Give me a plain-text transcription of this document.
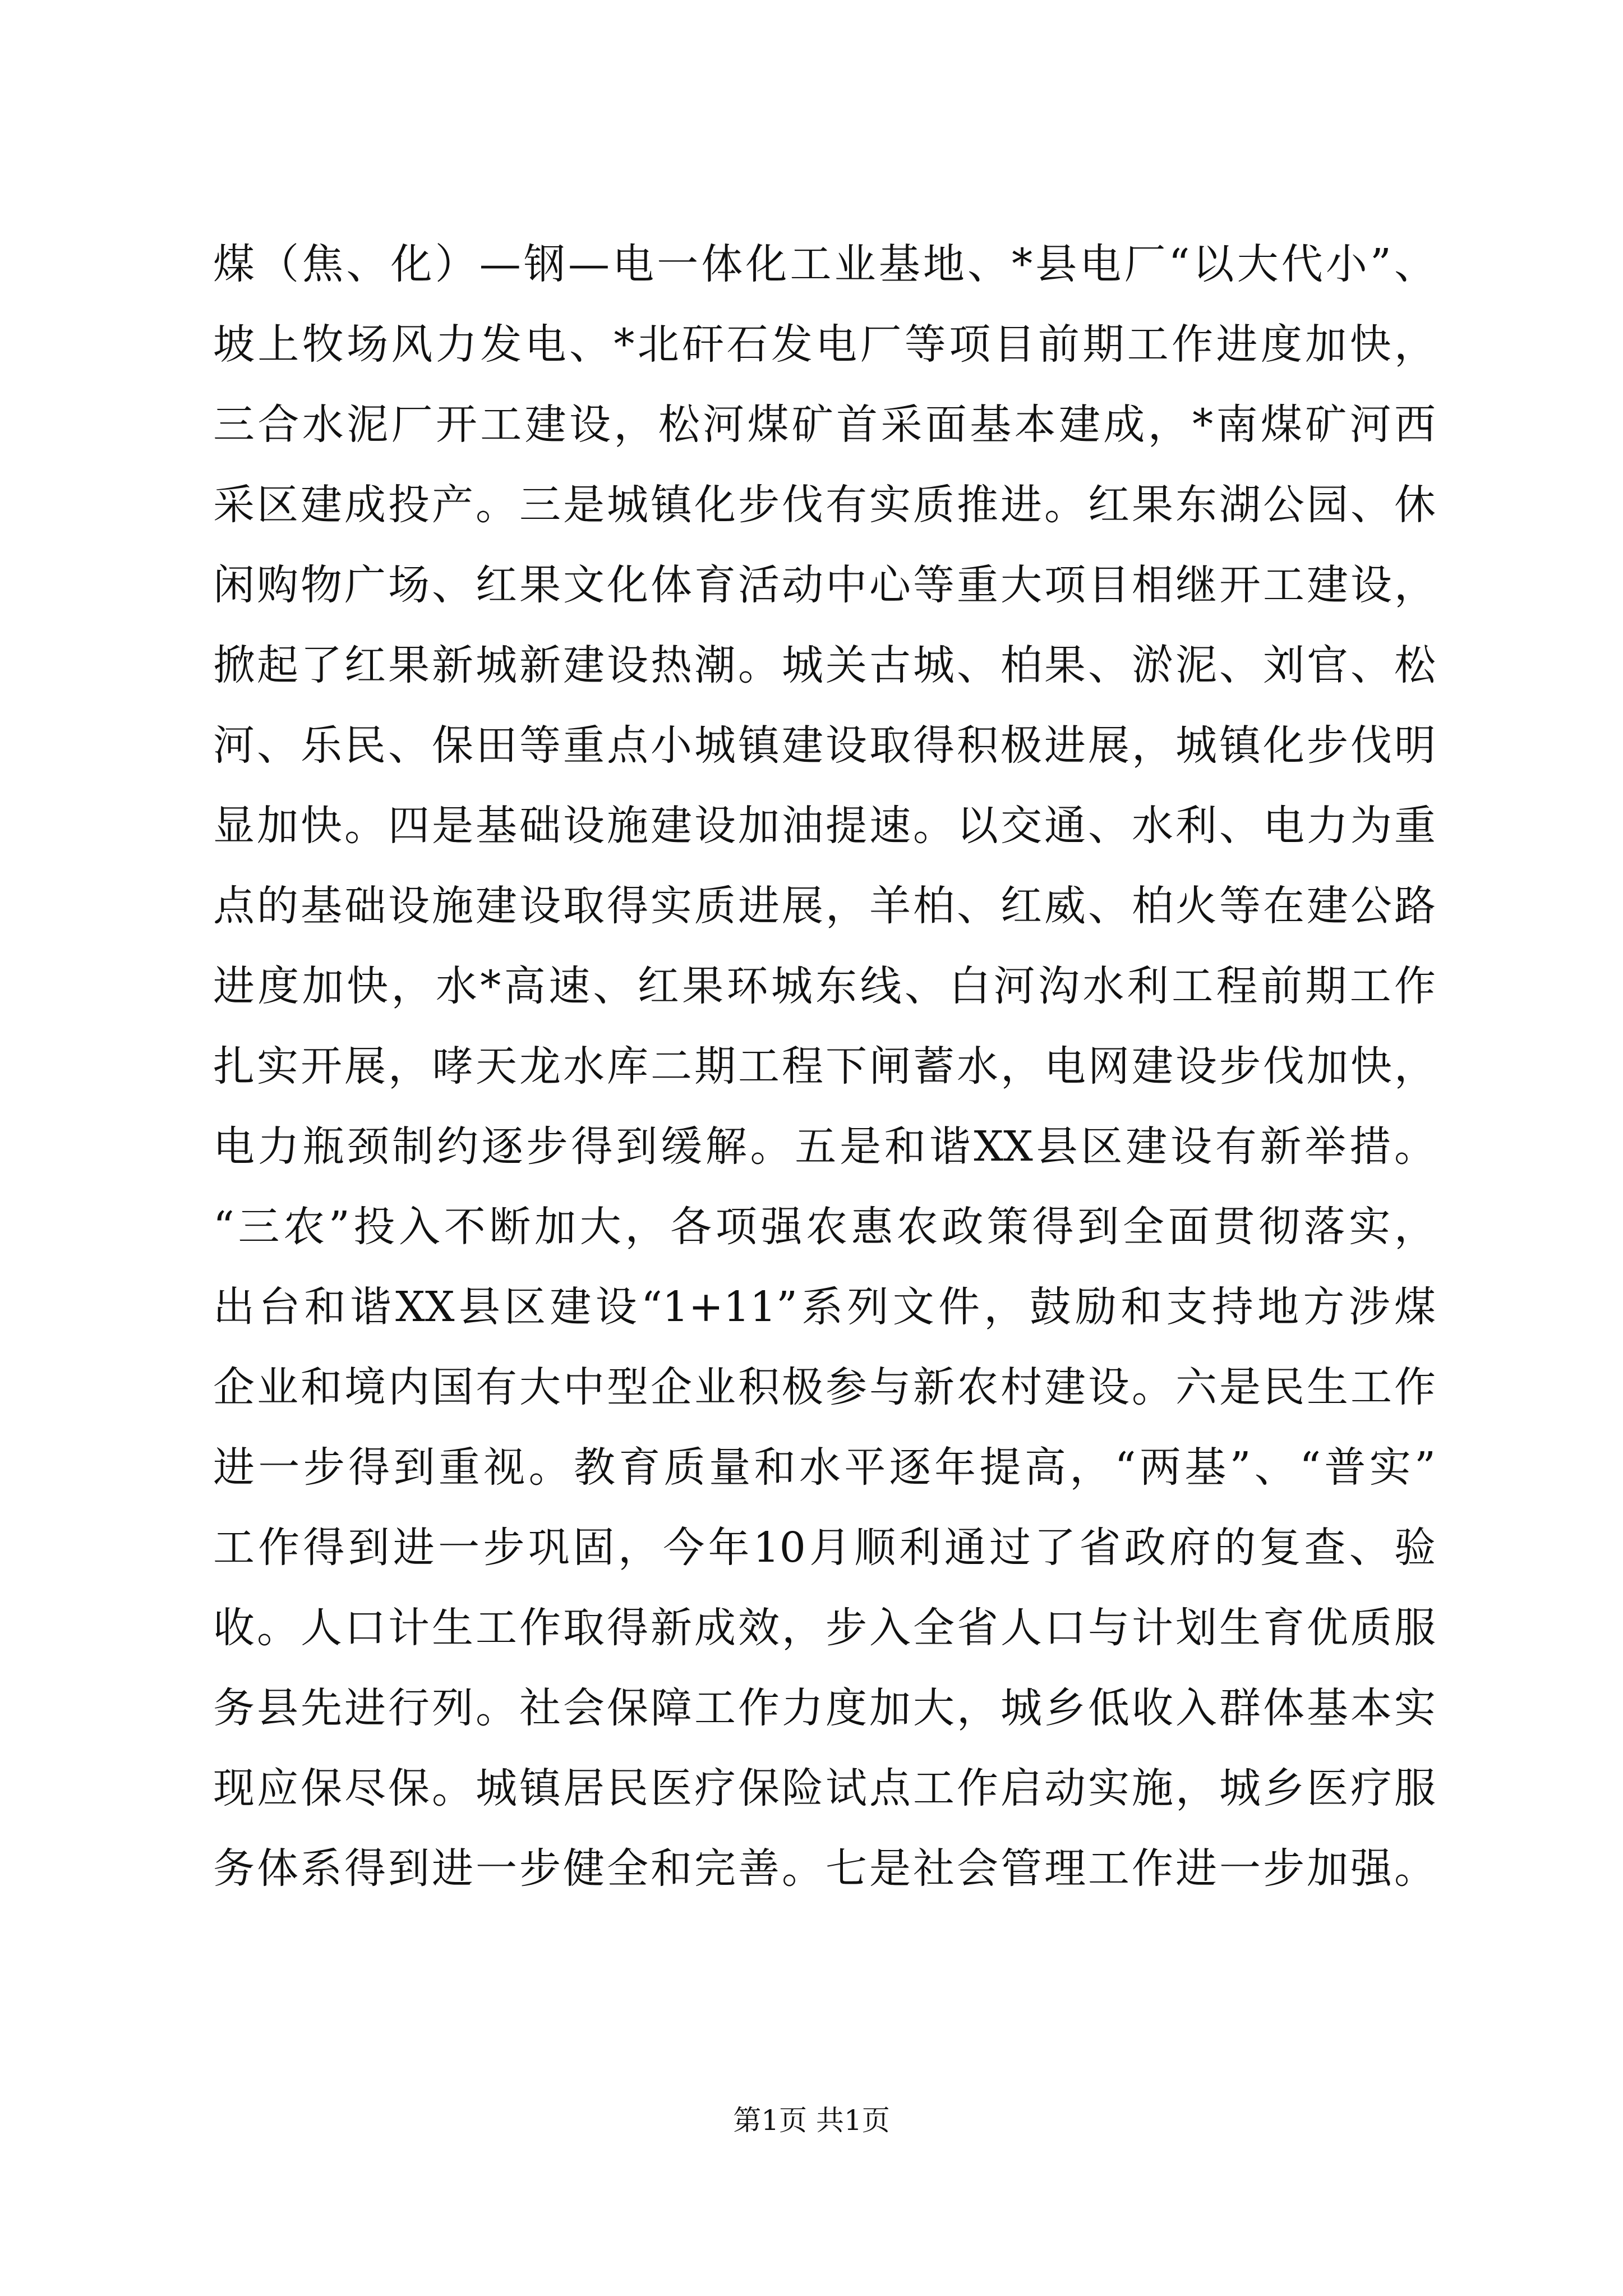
煤（焦、化）—钢—电一体化工业基地、*县电厂“以大代小”、
坡上牧场风力发电、*北矸石发电厂等项目前期工作进度加快，
三合水泥厂开工建设，松河煤矿首采面基本建成，*南煤矿河西
采区建成投产。三是城镇化步伐有实质推进。红果东湖公园、休
闲购物广场、红果文化体育活动中心等重大项目相继开工建设，
掀起了红果新城新建设热潮。城关古城、柏果、淤泥、刘官、松
河、乐民、保田等重点小城镇建设取得积极进展，城镇化步伐明
显加快。四是基础设施建设加油提速。以交通、水利、电力为重
点的基础设施建设取得实质进展，羊柏、红威、柏火等在建公路
进度加快，水*高速、红果环城东线、白河沟水利工程前期工作
扎实开展，哮天龙水库二期工程下闸蓄水，电网建设步伐加快，
电力瓶颈制约逐步得到缓解。五是和谐XX县区建设有新举措。
“三农”投入不断加大，各项强农惠农政策得到全面贯彻落实，
出台和谐XX县区建设“1+11”系列文件，鼓励和支持地方涉煤
企业和境内国有大中型企业积极参与新农村建设。六是民生工作
进一步得到重视。教育质量和水平逐年提高，“两基”、“普实”
工作得到进一步巩固，今年10月顺利通过了省政府的复查、验
收。人口计生工作取得新成效，步入全省人口与计划生育优质服
务县先进行列。社会保障工作力度加大，城乡低收入群体基本实
现应保尽保。城镇居民医疗保险试点工作启动实施，城乡医疗服
务体系得到进一步健全和完善。七是社会管理工作进一步加强。
第1页 共1页
